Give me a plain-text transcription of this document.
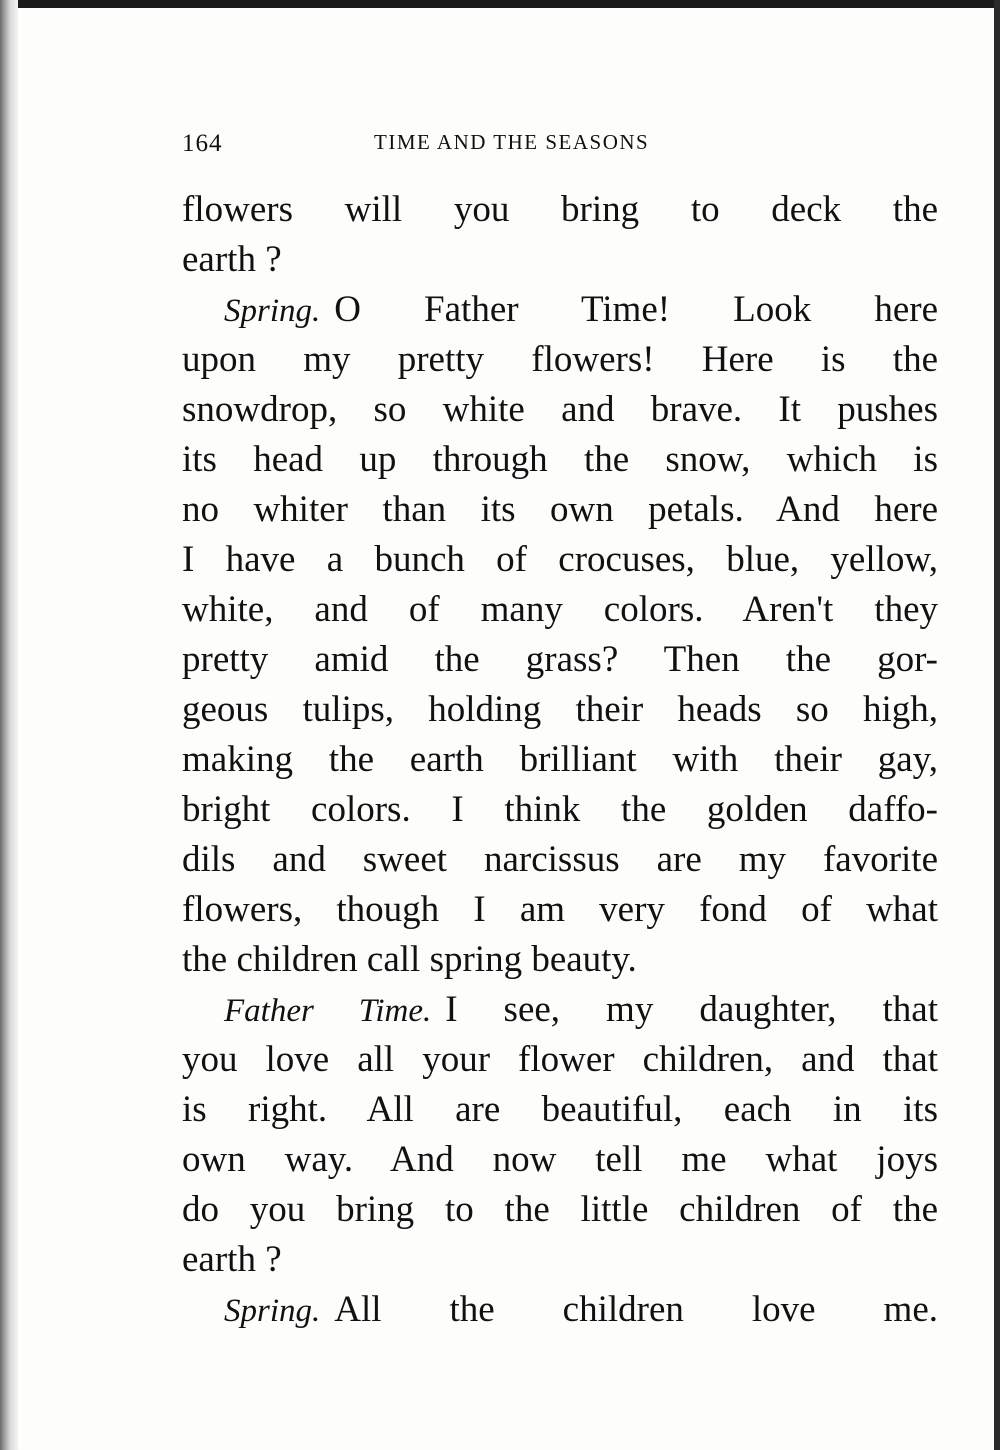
164	TIME AND THE SEASONS
flowers will you bring to deck the
earth ?
Spring. O Father Time! Look here
upon my pretty flowers! Here is the
snowdrop, so white and brave. It pushes
its head up through the snow, which is
no whiter than its own petals. And here
I have a bunch of crocuses, blue, yellow,
white, and of many colors. Aren't they
pretty amid the grass? Then the gor-
geous tulips, holding their heads so high,
making the earth brilliant with their gay,
bright colors. I think the golden daffo-
dils and sweet narcissus are my favorite
flowers, though I am very fond of what
the children call spring beauty.
Father Time. I see, my daughter, that
you love all your flower children, and that
is right. All are beautiful, each in its
own way. And now tell me what joys
do you bring to the little children of the
earth ?
Spring. All the children love me.
